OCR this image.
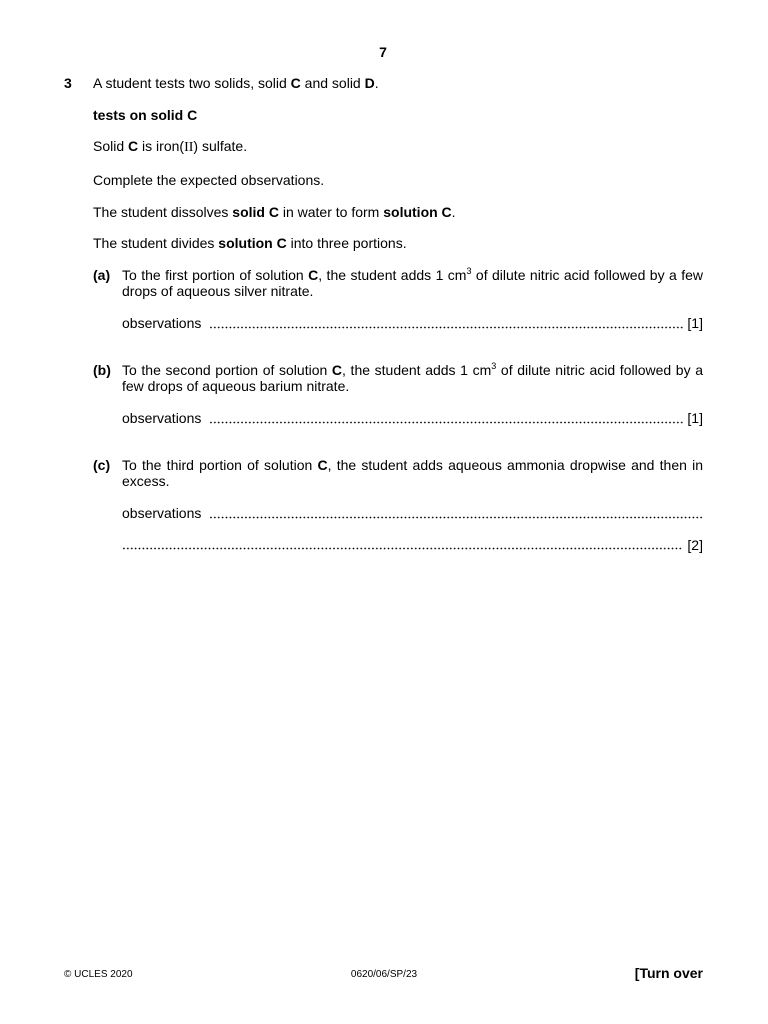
7
3	A student tests two solids, solid C and solid D.

tests on solid C

Solid C is iron(II) sulfate.

Complete the expected observations.

The student dissolves solid C in water to form solution C.

The student divides solution C into three portions.

(a) To the first portion of solution C, the student adds 1 $cm^3$ of dilute nitric acid followed by a few drops of aqueous silver nitrate.

observations	[1]
(b) To the second portion of solution C, the student adds 1 $cm^3$ of dilute nitric acid followed by a few drops of aqueous barium nitrate.

observations	[1]
(c) To the third portion of solution C, the student adds aqueous ammonia dropwise and then in excess.

observations
[2]
© UCLES 2020	0620/06/SP/23	[Turn over
